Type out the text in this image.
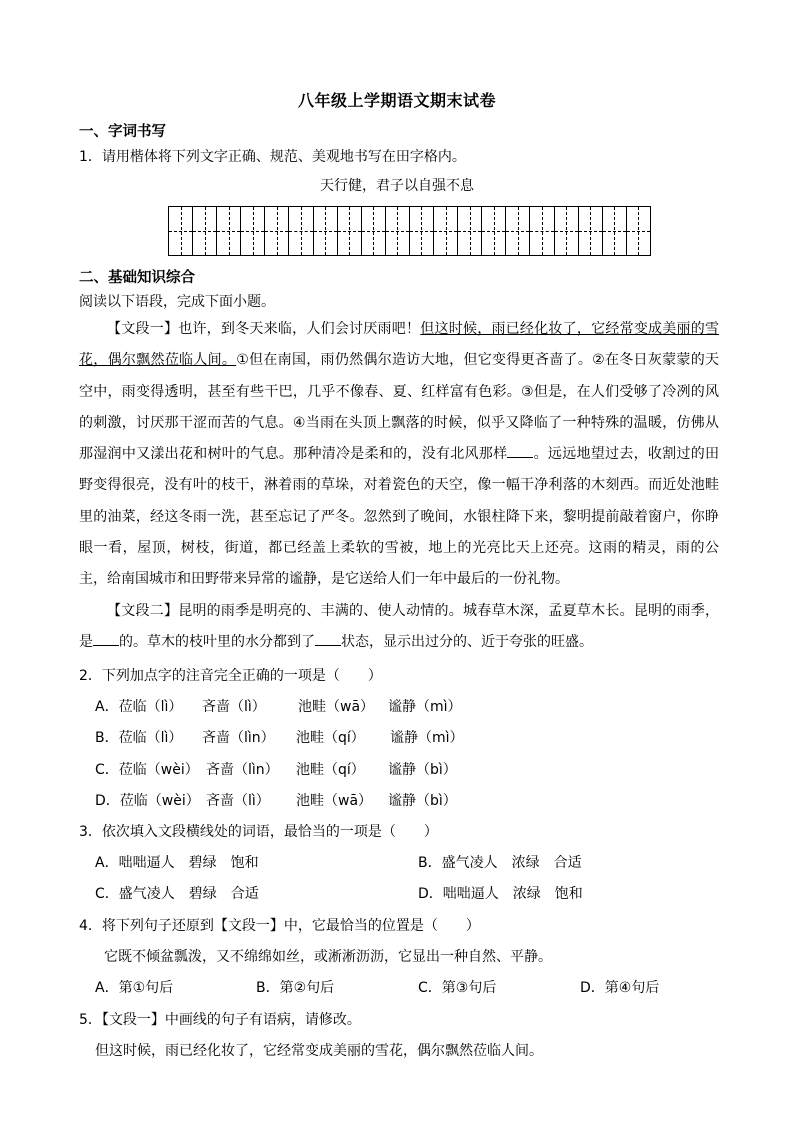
八年级上学期语文期末试卷
一、字词书写
1．请用楷体将下列文字正确、规范、美观地书写在田字格内。
天行健，君子以自强不息
二、基础知识综合
阅读以下语段，完成下面小题。
【文段一】也许，到冬天来临，人们会讨厌雨吧！但这时候，雨已经化妆了，它经常变成美丽的雪花，偶尔飘然莅临人间。①但在南国，雨仍然偶尔造访大地，但它变得更吝啬了。②在冬日灰蒙蒙的天空中，雨变得透明，甚至有些干巴，几乎不像春、夏、红样富有色彩。③但是，在人们受够了冷冽的风的刺激，讨厌那干涩而苦的气息。④当雨在头顶上飘落的时候，似乎又降临了一种特殊的温暖，仿佛从那湿润中又漾出花和树叶的气息。那种清冷是柔和的，没有北风那样 。远远地望过去，收割过的田野变得很亮，没有叶的枝干，淋着雨的草垛，对着瓷色的天空，像一幅干净利落的木刻西。而近处池畦里的油菜，经这冬雨一洗，甚至忘记了严冬。忽然到了晚间，水银柱降下来，黎明提前敲着窗户，你睁眼一看，屋顶，树枝，街道，都已经盖上柔软的雪被，地上的光亮比天上还亮。这雨的精灵，雨的公主，给南国城市和田野带来异常的谧静，是它送给人们一年中最后的一份礼物。
【文段二】昆明的雨季是明亮的、丰满的、使人动情的。城春草木深，孟夏草木长。昆明的雨季，是 的。草木的枝叶里的水分都到了 状态，显示出过分的、近于夸张的旺盛。
2．下列加点字的注音完全正确的一项是（　　）
A．莅临（lì） 吝啬（lì） 池畦（wā） 谧静（mì）
B．莅临（lì） 吝啬（lìn） 池畦（qí） 谧静（mì）
C．莅临（wèi） 吝啬（lìn） 池畦（qí） 谧静（bì）
D．莅临（wèi） 吝啬（lì） 池畦（wā） 谧静（bì）
3．依次填入文段横线处的词语，最恰当的一项是（　　）
A．咄咄逼人　碧绿　饱和	B．盛气凌人　浓绿　合适
C．盛气凌人　碧绿　合适	D．咄咄逼人　浓绿　饱和
4．将下列句子还原到【文段一】中，它最恰当的位置是（　　）
它既不倾盆瓢泼，又不绵绵如丝，或淅淅沥沥，它显出一种自然、平静。
A．第①句后	B．第②句后	C．第③句后	D．第④句后
5．【文段一】中画线的句子有语病，请修改。
但这时候，雨已经化妆了，它经常变成美丽的雪花，偶尔飘然莅临人间。
